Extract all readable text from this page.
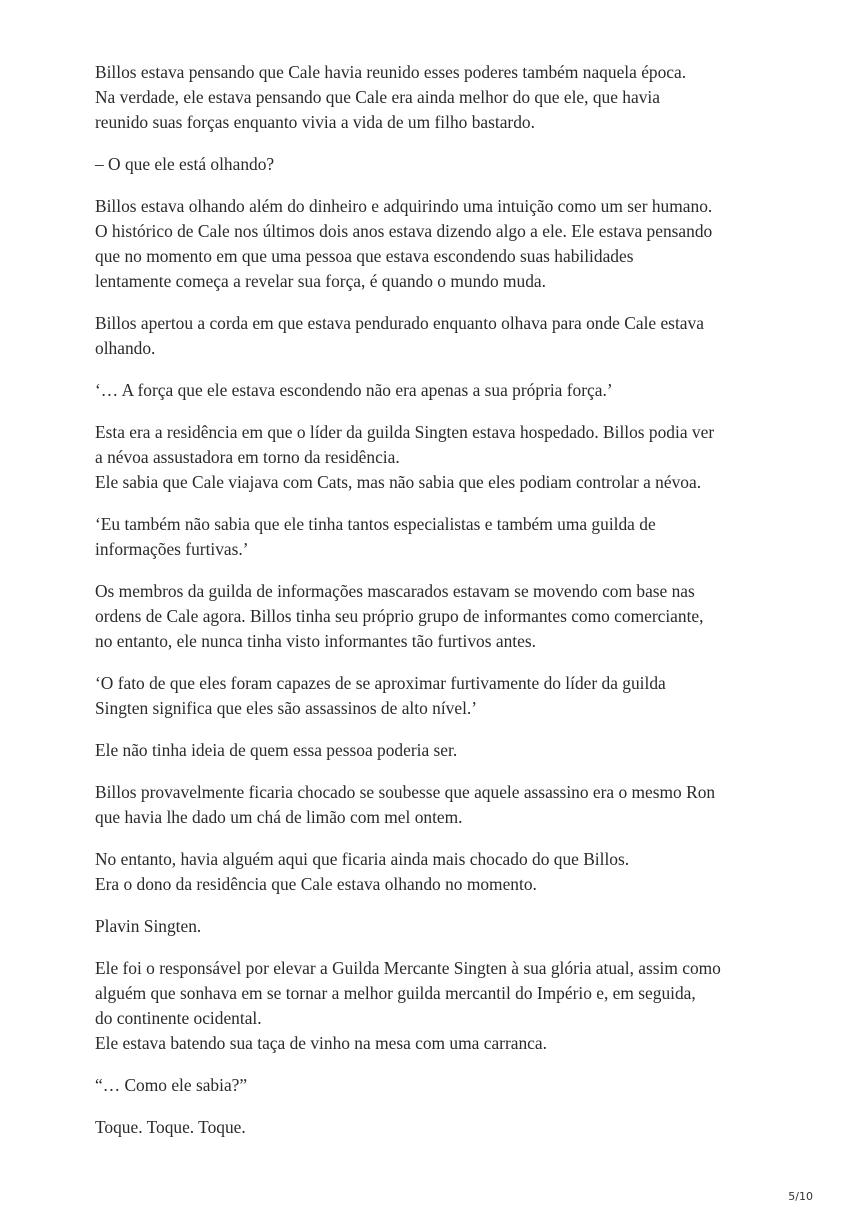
Billos estava pensando que Cale havia reunido esses poderes também naquela época.
Na verdade, ele estava pensando que Cale era ainda melhor do que ele, que havia
reunido suas forças enquanto vivia a vida de um filho bastardo.

– O que ele está olhando?

Billos estava olhando além do dinheiro e adquirindo uma intuição como um ser humano.
O histórico de Cale nos últimos dois anos estava dizendo algo a ele. Ele estava pensando
que no momento em que uma pessoa que estava escondendo suas habilidades
lentamente começa a revelar sua força, é quando o mundo muda.

Billos apertou a corda em que estava pendurado enquanto olhava para onde Cale estava
olhando.

‘… A força que ele estava escondendo não era apenas a sua própria força.’

Esta era a residência em que o líder da guilda Singten estava hospedado. Billos podia ver
a névoa assustadora em torno da residência.
Ele sabia que Cale viajava com Cats, mas não sabia que eles podiam controlar a névoa.

‘Eu também não sabia que ele tinha tantos especialistas e também uma guilda de
informações furtivas.’

Os membros da guilda de informações mascarados estavam se movendo com base nas
ordens de Cale agora. Billos tinha seu próprio grupo de informantes como comerciante,
no entanto, ele nunca tinha visto informantes tão furtivos antes.

‘O fato de que eles foram capazes de se aproximar furtivamente do líder da guilda
Singten significa que eles são assassinos de alto nível.’

Ele não tinha ideia de quem essa pessoa poderia ser.

Billos provavelmente ficaria chocado se soubesse que aquele assassino era o mesmo Ron
que havia lhe dado um chá de limão com mel ontem.

No entanto, havia alguém aqui que ficaria ainda mais chocado do que Billos.
Era o dono da residência que Cale estava olhando no momento.

Plavin Singten.

Ele foi o responsável por elevar a Guilda Mercante Singten à sua glória atual, assim como
alguém que sonhava em se tornar a melhor guilda mercantil do Império e, em seguida,
do continente ocidental.
Ele estava batendo sua taça de vinho na mesa com uma carranca.

“… Como ele sabia?”

Toque. Toque. Toque.

5/10
